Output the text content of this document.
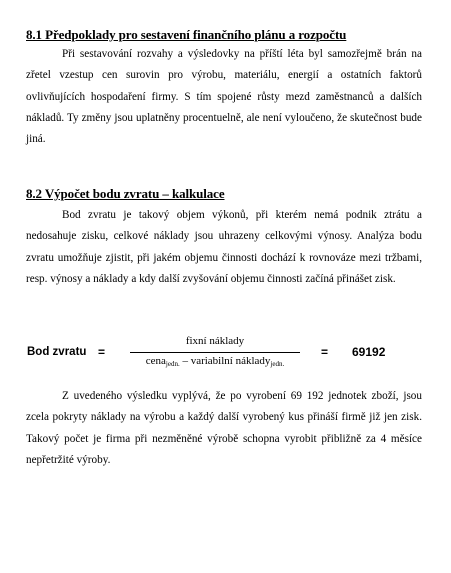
8.1 Předpoklady pro sestavení finančního plánu a rozpočtu

Při sestavování rozvahy a výsledovky na příští léta byl samozřejmě brán na zřetel vzestup cen surovin pro výrobu, materiálu, energií a ostatních faktorů ovlivňujících hospodaření firmy. S tím spojené růsty mezd zaměstnanců a dalších nákladů. Ty změny jsou uplatněny procentuelně, ale není vyloučeno, že skutečnost bude jiná.

8.2 Výpočet bodu zvratu – kalkulace

Bod zvratu je takový objem výkonů, při kterém nemá podnik ztrátu a nedosahuje zisku, celkové náklady jsou uhrazeny celkovými výnosy. Analýza bodu zvratu umožňuje zjistit, při jakém objemu činnosti dochází k rovnováze mezi tržbami, resp. výnosy a náklady a kdy další zvyšování objemu činnosti začíná přinášet zisk.

Bod zvratu =
fixní náklady
cena$_{jedn.}$ – variabilní náklady$_{jedn.}$
= 69192

Z uvedeného výsledku vyplývá, že po vyrobení 69 192 jednotek zboží, jsou zcela pokryty náklady na výrobu a každý další vyrobený kus přináší firmě již jen zisk. Takový počet je firma při nezměněné výrobě schopna vyrobit přibližně za 4 měsíce nepřetržité výroby.
